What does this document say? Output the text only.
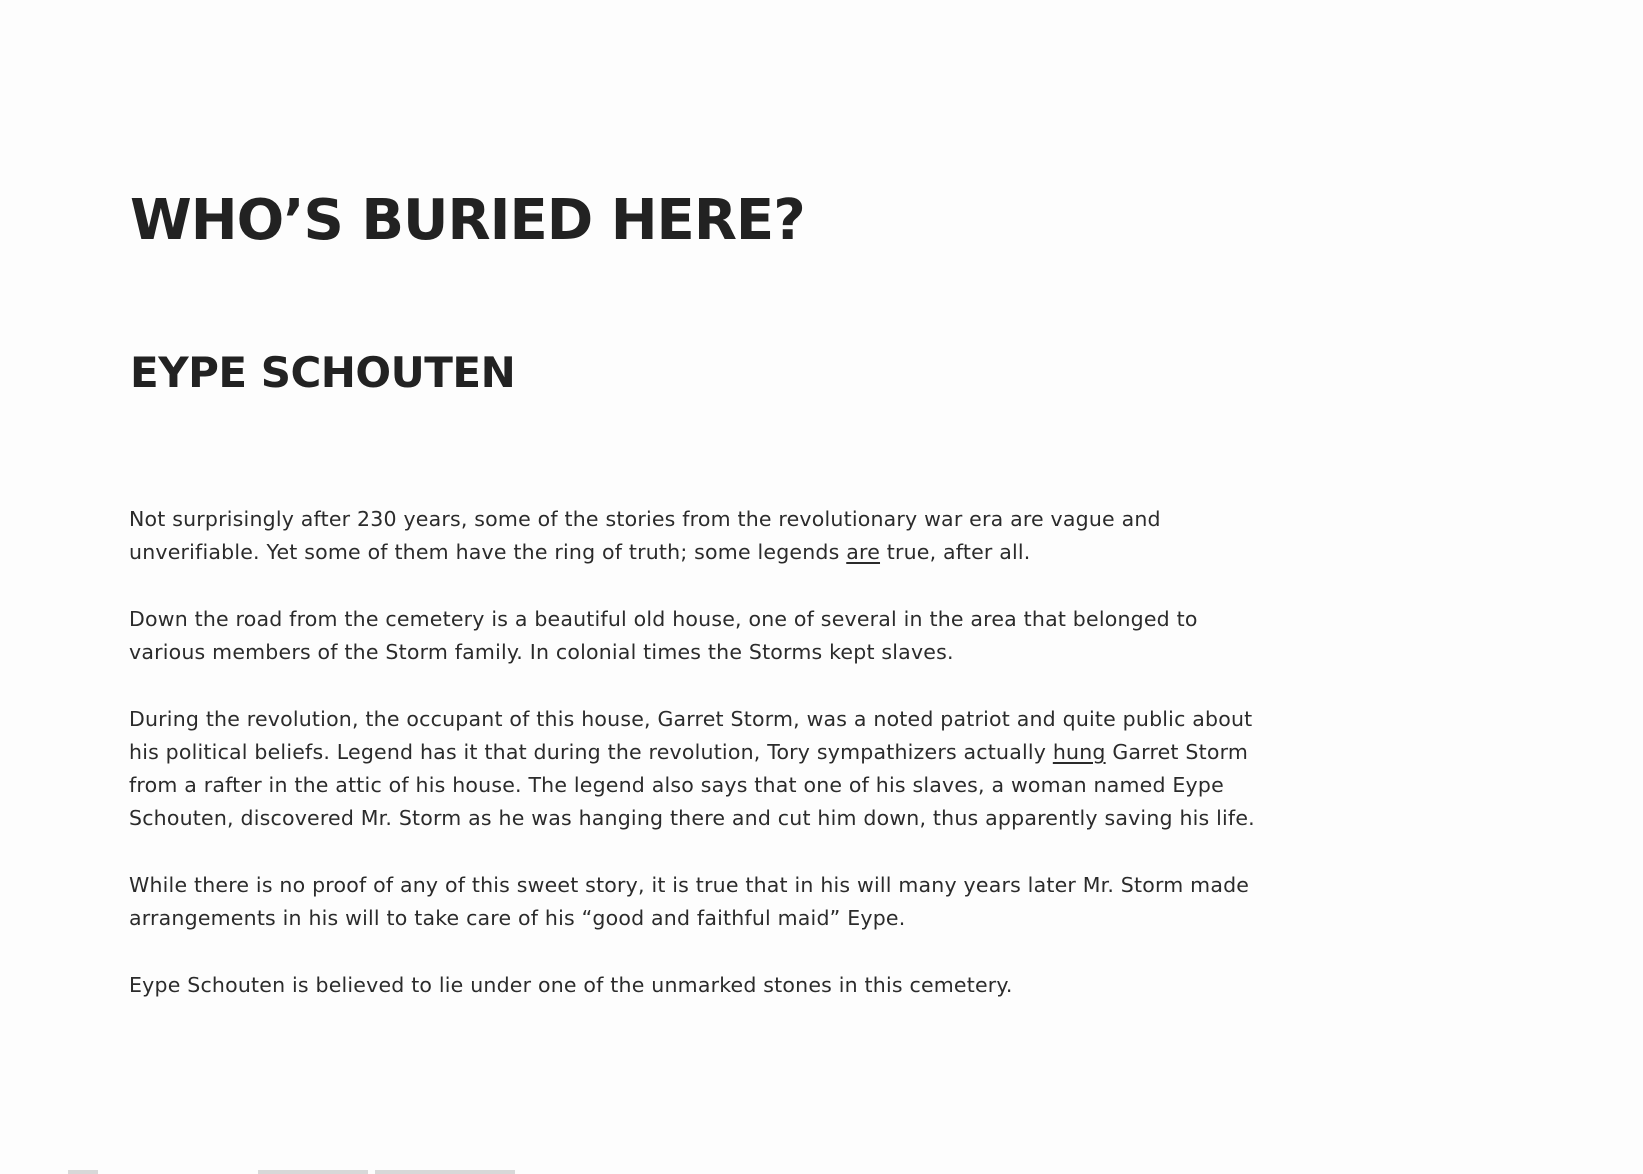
WHO’S BURIED HERE?
EYPE SCHOUTEN

Not surprisingly after 230 years, some of the stories from the revolutionary war era are vague and unverifiable. Yet some of them have the ring of truth; some legends are true, after all.

Down the road from the cemetery is a beautiful old house, one of several in the area that belonged to various members of the Storm family. In colonial times the Storms kept slaves.

During the revolution, the occupant of this house, Garret Storm, was a noted patriot and quite public about his political beliefs. Legend has it that during the revolution, Tory sympathizers actually hung Garret Storm from a rafter in the attic of his house. The legend also says that one of his slaves, a woman named Eype Schouten, discovered Mr. Storm as he was hanging there and cut him down, thus apparently saving his life.

While there is no proof of any of this sweet story, it is true that in his will many years later Mr. Storm made arrangements in his will to take care of his “good and faithful maid” Eype.

Eype Schouten is believed to lie under one of the unmarked stones in this cemetery.
